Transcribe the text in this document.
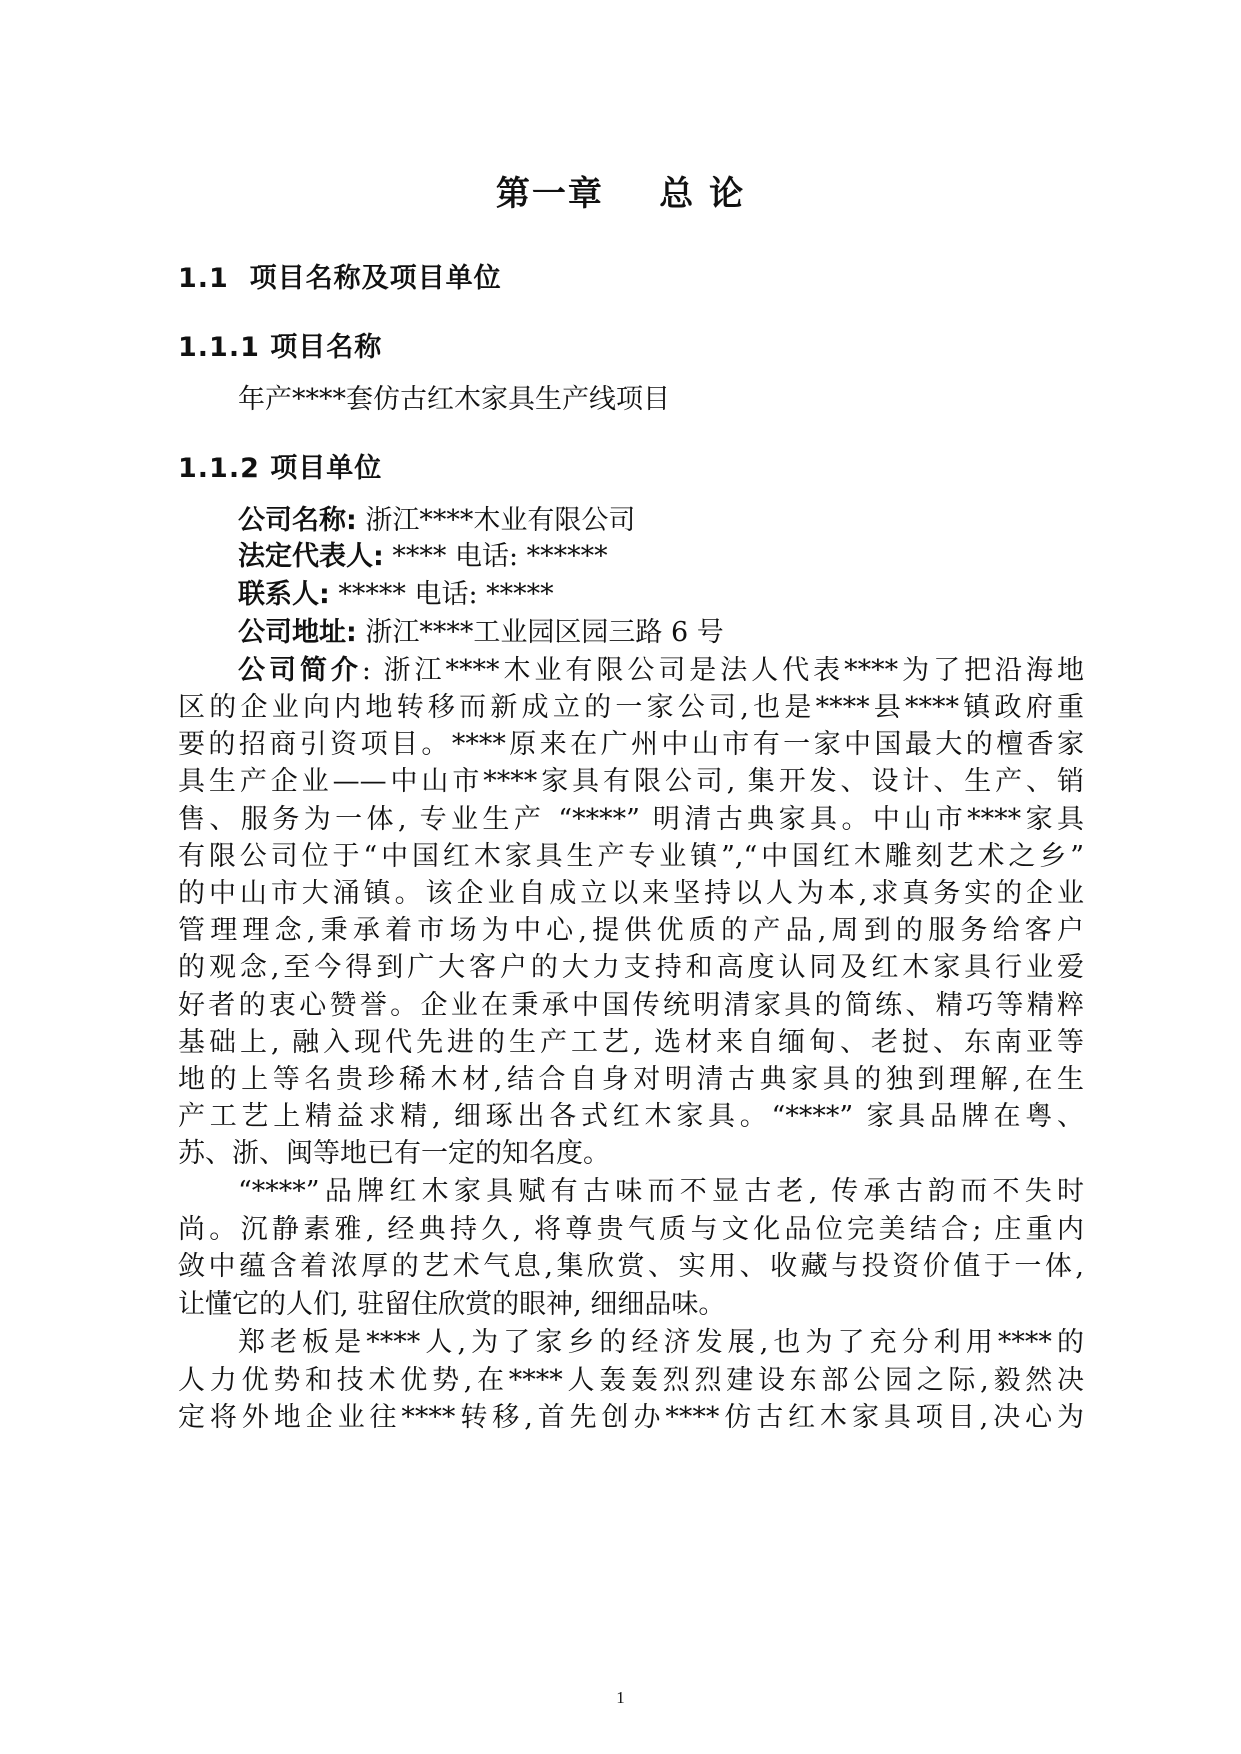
第一章    总 论
1.1  项目名称及项目单位
1.1.1 项目名称
年产****套仿古红木家具生产线项目
1.1.2 项目单位
公司名称: 浙江****木业有限公司
法定代表人: **** 电话: ******
联系人: ***** 电话: *****
公司地址: 浙江****工业园区园三路 6 号
公司简介: 浙江****木业有限公司是法人代表****为了把沿海地
区的企业向内地转移而新成立的一家公司,也是****县****镇政府重
要的招商引资项目。****原来在广州中山市有一家中国最大的檀香家
具生产企业——中山市****家具有限公司, 集开发、设计、生产、销
售、服务为一体, 专业生产 “****” 明清古典家具。中山市****家具
有限公司位于“中国红木家具生产专业镇”,“中国红木雕刻艺术之乡”
的中山市大涌镇。该企业自成立以来坚持以人为本,求真务实的企业
管理理念,秉承着市场为中心,提供优质的产品,周到的服务给客户
的观念,至今得到广大客户的大力支持和高度认同及红木家具行业爱
好者的衷心赞誉。企业在秉承中国传统明清家具的简练、精巧等精粹
基础上, 融入现代先进的生产工艺, 选材来自缅甸、老挝、东南亚等
地的上等名贵珍稀木材,结合自身对明清古典家具的独到理解,在生
产工艺上精益求精, 细琢出各式红木家具。“****” 家具品牌在粤、
苏、浙、闽等地已有一定的知名度。
“****”品牌红木家具赋有古味而不显古老, 传承古韵而不失时
尚。沉静素雅, 经典持久, 将尊贵气质与文化品位完美结合; 庄重内
敛中蕴含着浓厚的艺术气息,集欣赏、实用、收藏与投资价值于一体,
让懂它的人们, 驻留住欣赏的眼神, 细细品味。
郑老板是****人,为了家乡的经济发展,也为了充分利用****的
人力优势和技术优势,在****人轰轰烈烈建设东部公园之际,毅然决
定将外地企业往****转移,首先创办****仿古红木家具项目,决心为
1
